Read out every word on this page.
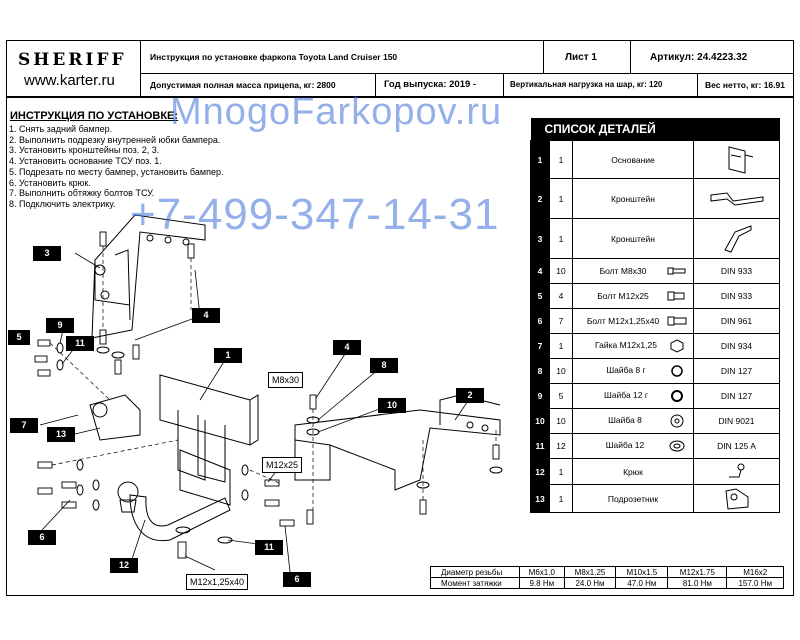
SHERIFF
www.karter.ru
Инструкция по установке фаркопа Toyota Land Cruiser 150	Лист 1	Артикул: 24.4223.32
Допустимая полная масса прицепа, кг: 2800	Год выпуска: 2019 -	Вертикальная нагрузка на шар, кг: 120	Вес нетто, кг: 16.91
ИНСТРУКЦИЯ ПО УСТАНОВКЕ:
1. Снять задний бампер.
2. Выполнить подрезку внутренней юбки бампера.
3. Установить кронштейны поз. 2, 3.
4. Установить основание ТСУ поз. 1.
5. Подрезать по месту бампер, установить бампер.
6. Установить крюк.
7. Выполнить обтяжку болтов ТСУ.
8. Подключить электрику.
MnogoFarkopov.ru
+7-499-347-14-31
1
2
3
4
4
5
6
6
7
8
9
10
11
11
12
13
M8x30
M12x25
M12x1,25x40
СПИСОК ДЕТАЛЕЙ			
1	1	Основание	
2	1	Кронштейн	
3	1	Кронштейн	
4	10	Болт М8х30	DIN 933
5	4	Болт М12х25	DIN 933
6	7	Болт М12х1,25х40	DIN 961
7	1	Гайка М12х1,25	DIN 934
8	10	Шайба 8 г	DIN 127
9	5	Шайба 12 г	DIN 127
10	10	Шайба 8	DIN 9021
11	12	Шайба 12	DIN 125 A
12	1	Крюк	
13	1	Подрозетник	
Диаметр резьбы	M6x1.0	M8x1.25	M10x1.5	M12x1.75	M16x2
Момент затяжки	9.8 Нм	24.0 Нм	47.0 Нм	81.0 Нм	157.0 Нм
